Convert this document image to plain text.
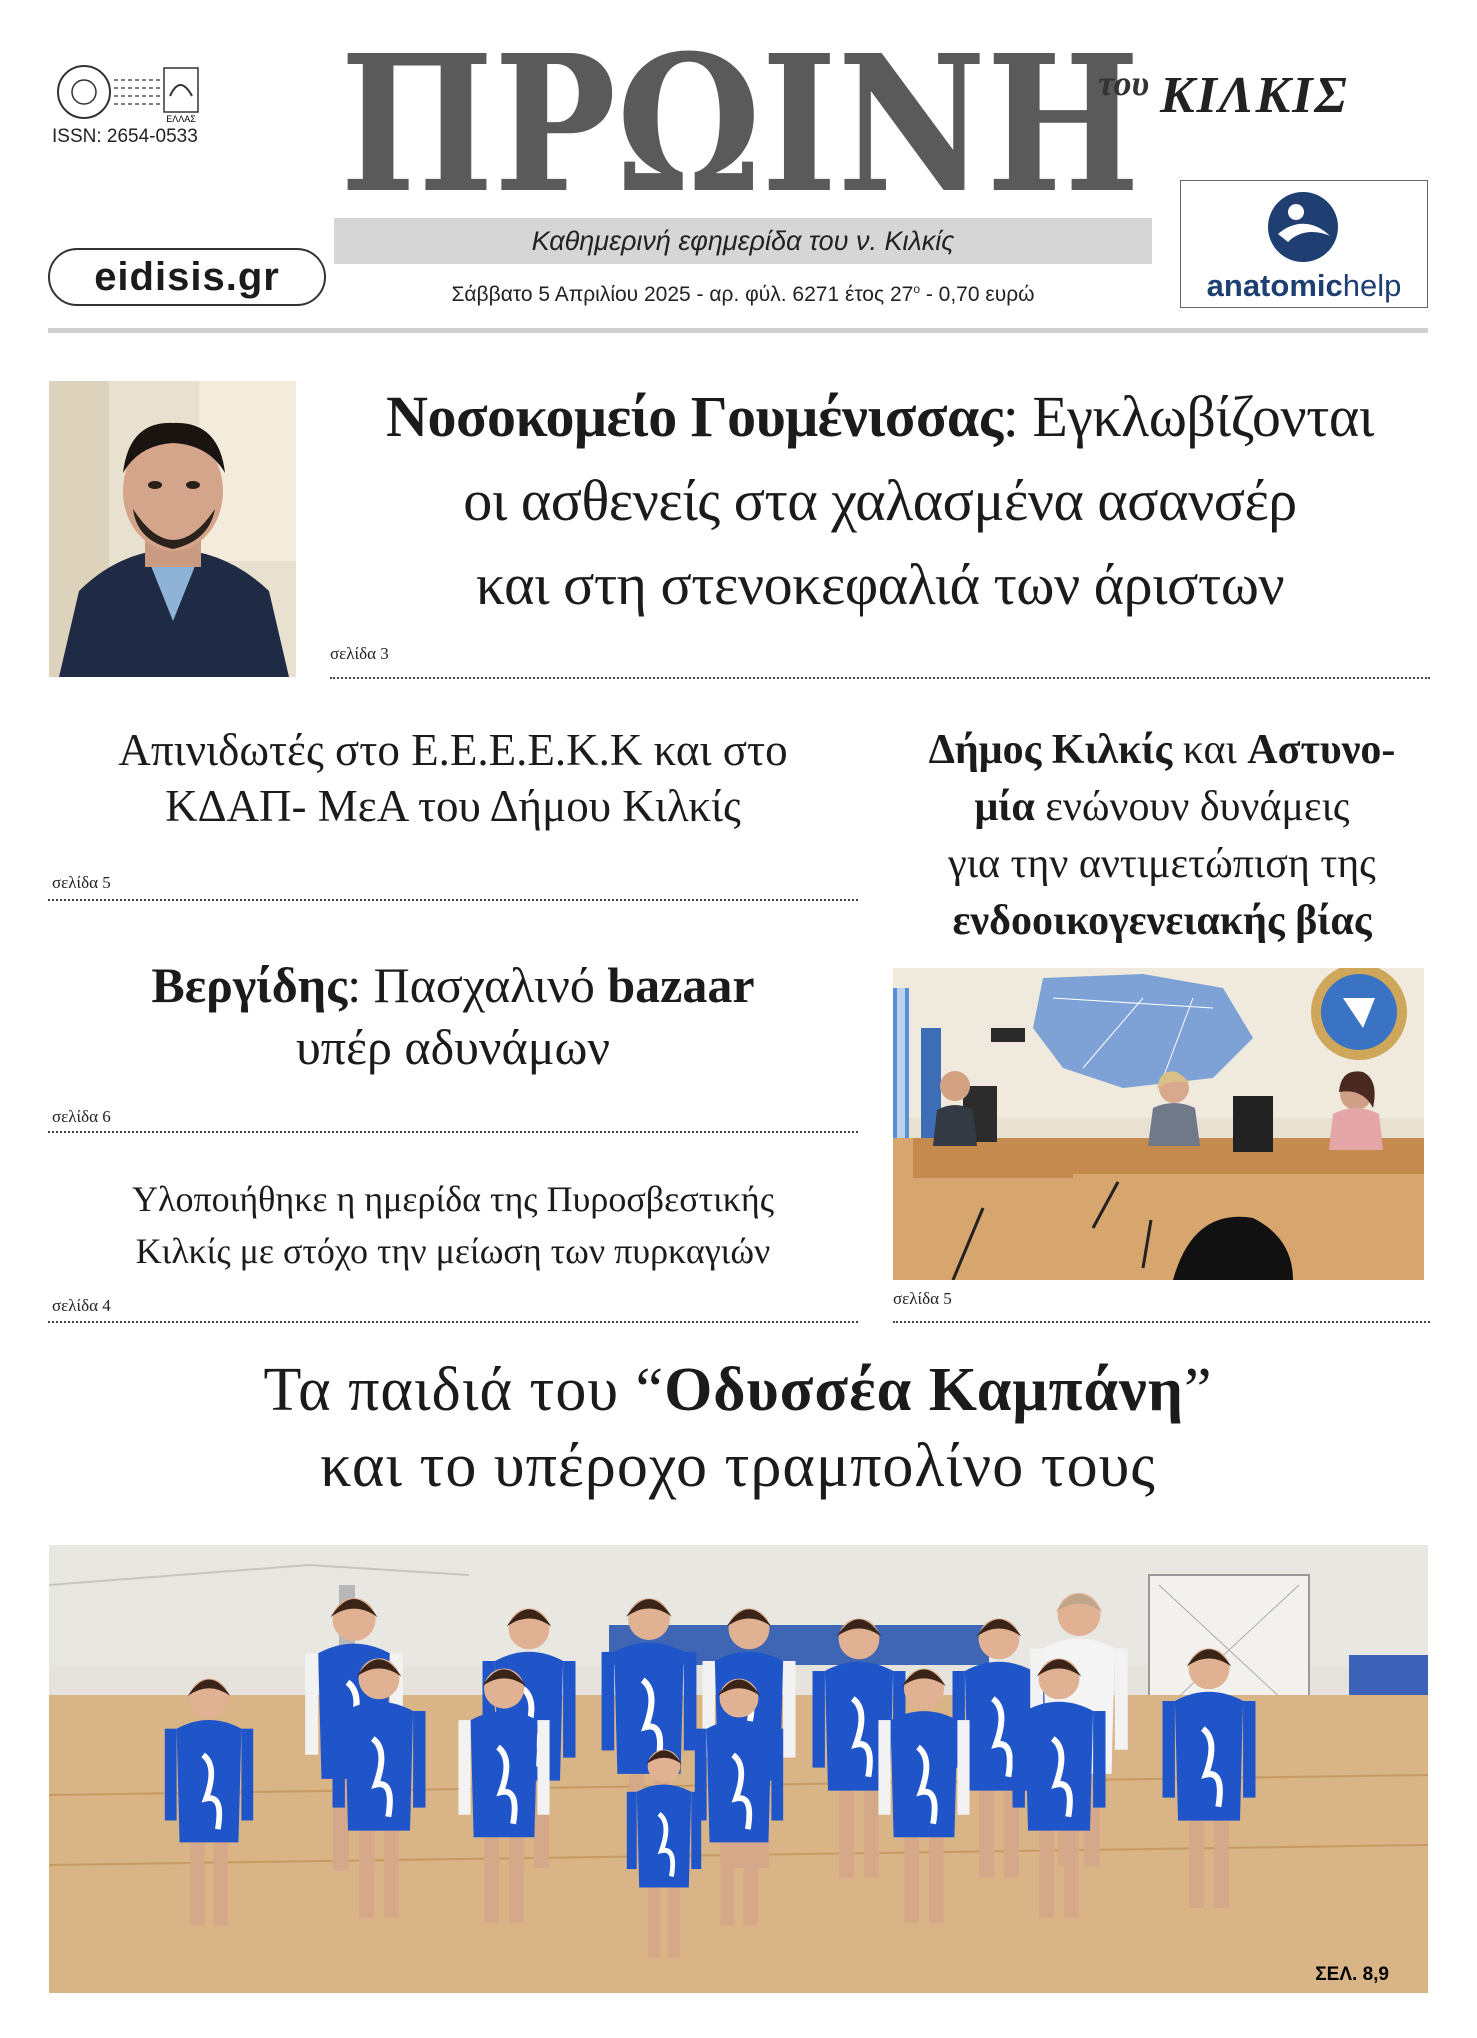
ΕΛΛΑΣ
ISSN: 2654-0533
eidisis.gr
ΠΡΩΙΝΗ
του ΚΙΛΚΙΣ
Καθημερινή εφημερίδα του ν. Κιλκίς
Σάββατο 5 Απριλίου 2025 - αρ. φύλ. 6271 έτος $27^o - 0,70$ ευρώ	anatomichelp
Νοσοκομείο Γουμένισσας: Εγκλωβίζονται
οι ασθενείς στα χαλασμένα ασανσέρ
και στη στενοκεφαλιά των άριστων
σελίδα 3
Απινιδωτές στο Ε.Ε.Ε.Ε.Κ.Κ και στο
ΚΔΑΠ- ΜεΑ του Δήμου Κιλκίς
σελίδα 5
Βεργίδης: Πασχαλινό bazaar
υπέρ αδυνάμων
σελίδα 6
Υλοποιήθηκε η ημερίδα της Πυροσβεστικής
Κιλκίς με στόχο την μείωση των πυρκαγιών
σελίδα 4
Δήμος Κιλκίς και Αστυνο-
μία ενώνουν δυνάμεις
για την αντιμετώπιση της
ενδοοικογενειακής βίας
σελίδα 5
Τα παιδιά του “Οδυσσέα Καμπάνη”
και το υπέροχο τραμπολίνο τους
ΣΕΛ. 8,9
